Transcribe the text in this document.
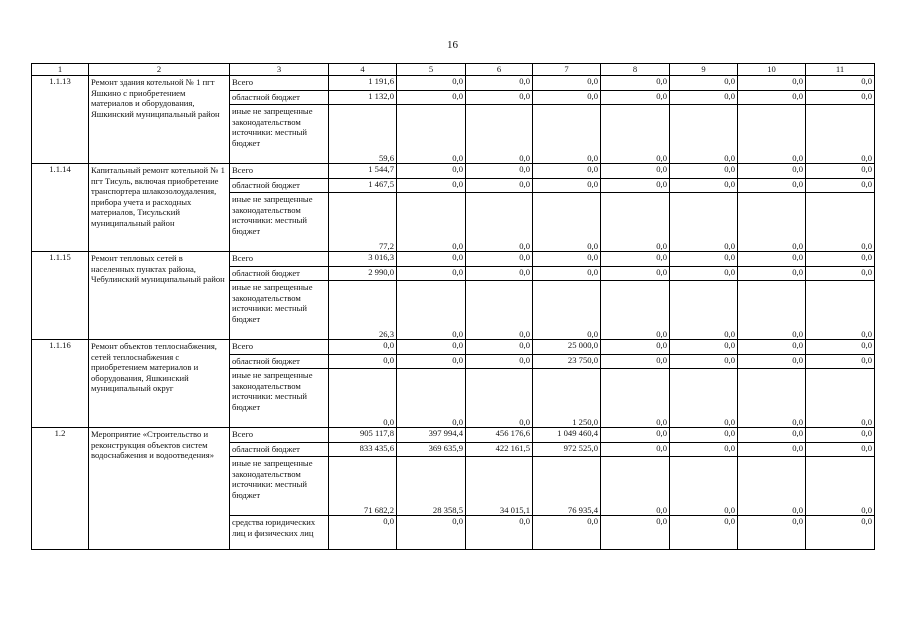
16
1	2	3	4	5	6	7	8	9	10	11
1.1.13	Ремонт здания котельной № 1 пгт Яшкино с приобретением материалов и оборудования, Яшкинский муниципальный район	Всего	1 191,6	0,0	0,0	0,0	0,0	0,0	0,0	0,0
		областной бюджет	1 132,0	0,0	0,0	0,0	0,0	0,0	0,0	0,0
		иные не запрещенные законодательством источники: местный бюджет	59,6	0,0	0,0	0,0	0,0	0,0	0,0	0,0
1.1.14	Капитальный ремонт котельной № 1 пгт Тисуль, включая приобретение транспортера шлакозолоудаления, прибора учета и расходных материалов, Тисульский муниципальный район	Всего	1 544,7	0,0	0,0	0,0	0,0	0,0	0,0	0,0
		областной бюджет	1 467,5	0,0	0,0	0,0	0,0	0,0	0,0	0,0
		иные не запрещенные законодательством источники: местный бюджет	77,2	0,0	0,0	0,0	0,0	0,0	0,0	0,0
1.1.15	Ремонт тепловых сетей в населенных пунктах района, Чебулинский муниципальный район	Всего	3 016,3	0,0	0,0	0,0	0,0	0,0	0,0	0,0
		областной бюджет	2 990,0	0,0	0,0	0,0	0,0	0,0	0,0	0,0
		иные не запрещенные законодательством источники: местный бюджет	26,3	0,0	0,0	0,0	0,0	0,0	0,0	0,0
1.1.16	Ремонт объектов теплоснабжения, сетей теплоснабжения с приобретением материалов и оборудования, Яшкинский муниципальный округ	Всего	0,0	0,0	0,0	25 000,0	0,0	0,0	0,0	0,0
		областной бюджет	0,0	0,0	0,0	23 750,0	0,0	0,0	0,0	0,0
		иные не запрещенные законодательством источники: местный бюджет	0,0	0,0	0,0	1 250,0	0,0	0,0	0,0	0,0
1.2	Мероприятие «Строительство и реконструкция объектов систем водоснабжения и водоотведения»	Всего	905 117,8	397 994,4	456 176,6	1 049 460,4	0,0	0,0	0,0	0,0
		областной бюджет	833 435,6	369 635,9	422 161,5	972 525,0	0,0	0,0	0,0	0,0
		иные не запрещенные законодательством источники: местный бюджет	71 682,2	28 358,5	34 015,1	76 935,4	0,0	0,0	0,0	0,0
		средства юридических лиц и физических лиц	0,0	0,0	0,0	0,0	0,0	0,0	0,0	0,0
